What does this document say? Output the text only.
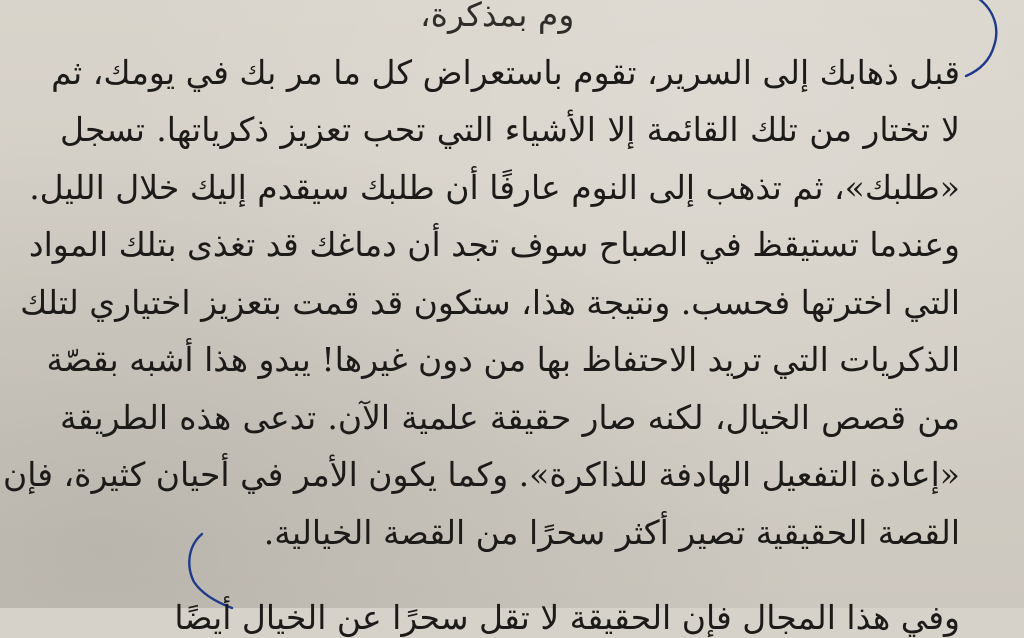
وم بمذكرة،
قبل ذهابك إلى السرير، تقوم باستعراض كل ما مر بك في يومك، ثم
لا تختار من تلك القائمة إلا الأشياء التي تحب تعزيز ذكرياتها. تسجل
«طلبك»، ثم تذهب إلى النوم عارفًا أن طلبك سيقدم إليك خلال الليل.
وعندما تستيقظ في الصباح سوف تجد أن دماغك قد تغذى بتلك المواد
التي اخترتها فحسب. ونتيجة هذا، ستكون قد قمت بتعزيز اختياري لتلك
الذكريات التي تريد الاحتفاظ بها من دون غيرها! يبدو هذا أشبه بقصّة
من قصص الخيال، لكنه صار حقيقة علمية الآن. تدعى هذه الطريقة
«إعادة التفعيل الهادفة للذاكرة». وكما يكون الأمر في أحيان كثيرة، فإن
القصة الحقيقية تصير أكثر سحرًا من القصة الخيالية.
وفي هذا المجال فإن الحقيقة لا تقل سحرًا عن الخيال أيضًا
